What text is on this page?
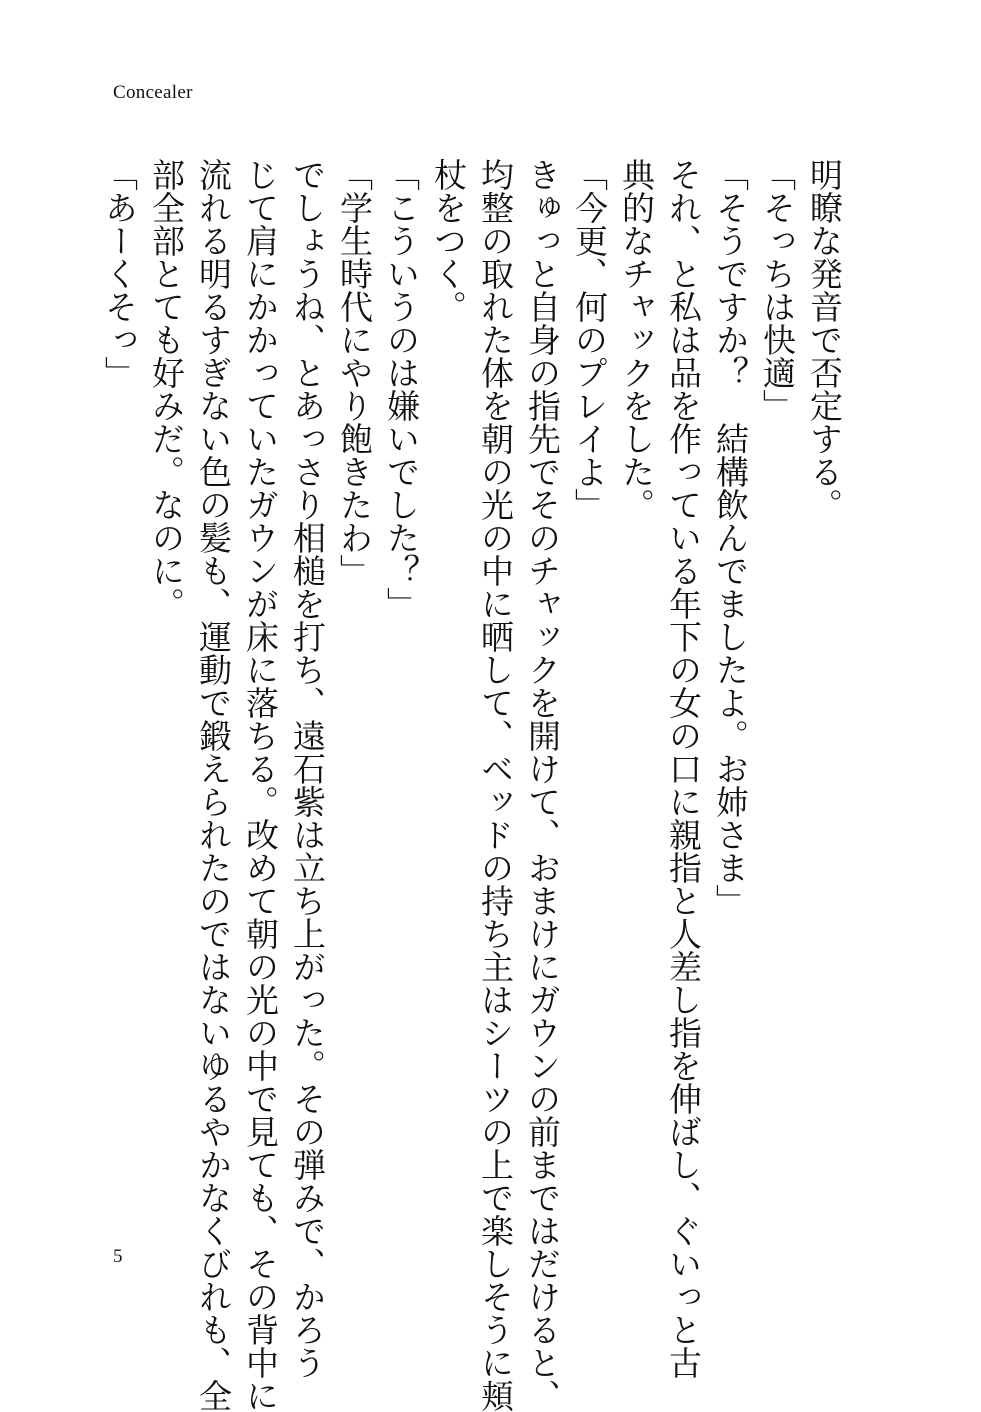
Concealer
明瞭な発音で否定する。
「そっちは快適」
「そうですか？　結構飲んでましたよ。お姉さま」
それ、と私は品を作っている年下の女の口に親指と人差し指を伸ばし、ぐいっと古
典的なチャックをした。
「今更、何のプレイよ」
きゅっと自身の指先でそのチャックを開けて、おまけにガウンの前まではだけると、
均整の取れた体を朝の光の中に晒して、ベッドの持ち主はシーツの上で楽しそうに頬
杖をつく。
「こういうのは嫌いでした？」
「学生時代にやり飽きたわ」
でしょうね、とあっさり相槌を打ち、遠石紫は立ち上がった。その弾みで、かろう
じて肩にかかっていたガウンが床に落ちる。改めて朝の光の中で見ても、その背中に
流れる明るすぎない色の髪も、運動で鍛えられたのではないゆるやかなくびれも、全
部全部とても好みだ。なのに。
「あーくそっ」
5
